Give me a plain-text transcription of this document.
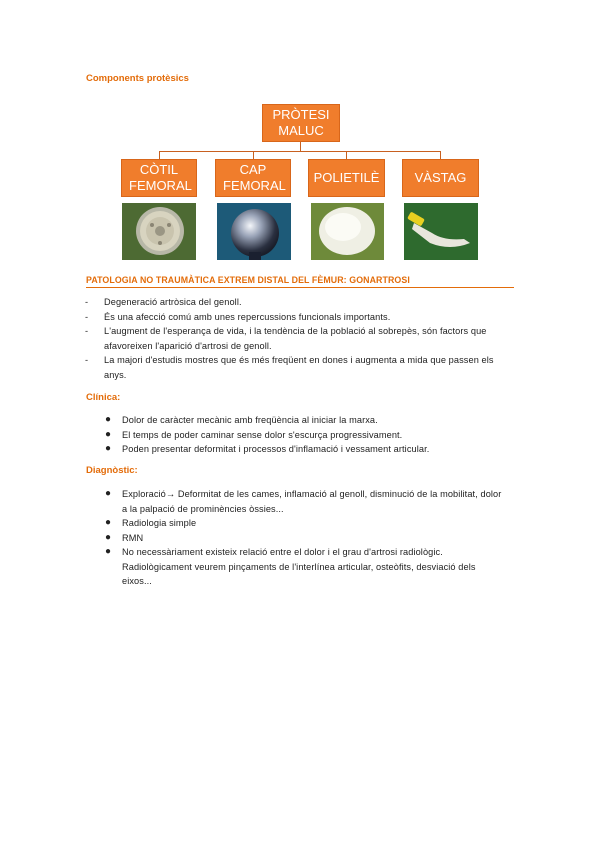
Components protèsics
PRÒTESI MALUC
CÒTIL FEMORAL
CAP FEMORAL
POLIETILÈ	VÀSTAG
PATOLOGIA NO TRAUMÀTICA EXTREM DISTAL DEL FÈMUR: GONARTROSI
- Degeneració artròsica del genoll.
- És una afecció comú amb unes repercussions funcionals importants.
- L'augment de l'esperança de vida, i la tendència de la població al sobrepès, són factors que afavoreixen l'aparició d'artrosi de genoll.
- La majori d'estudis mostres que és més freqüent en dones i augmenta a mida que passen els anys.
Clínica:
● Dolor de caràcter mecànic amb freqüència al iniciar la marxa.
● El temps de poder caminar sense dolor s'escurça progressivament.
● Poden presentar deformitat i processos d'inflamació i vessament articular.
Diagnòstic:
● Exploració→ Deformitat de les cames, inflamació al genoll, disminució de la mobilitat, dolor a la palpació de prominències òssies...
● Radiologia simple
● RMN
● No necessàriament existeix relació entre el dolor i el grau d'artrosi radiològic. Radiològicament veurem pinçaments de l'interlínea articular, osteòfits, desviació dels eixos...
